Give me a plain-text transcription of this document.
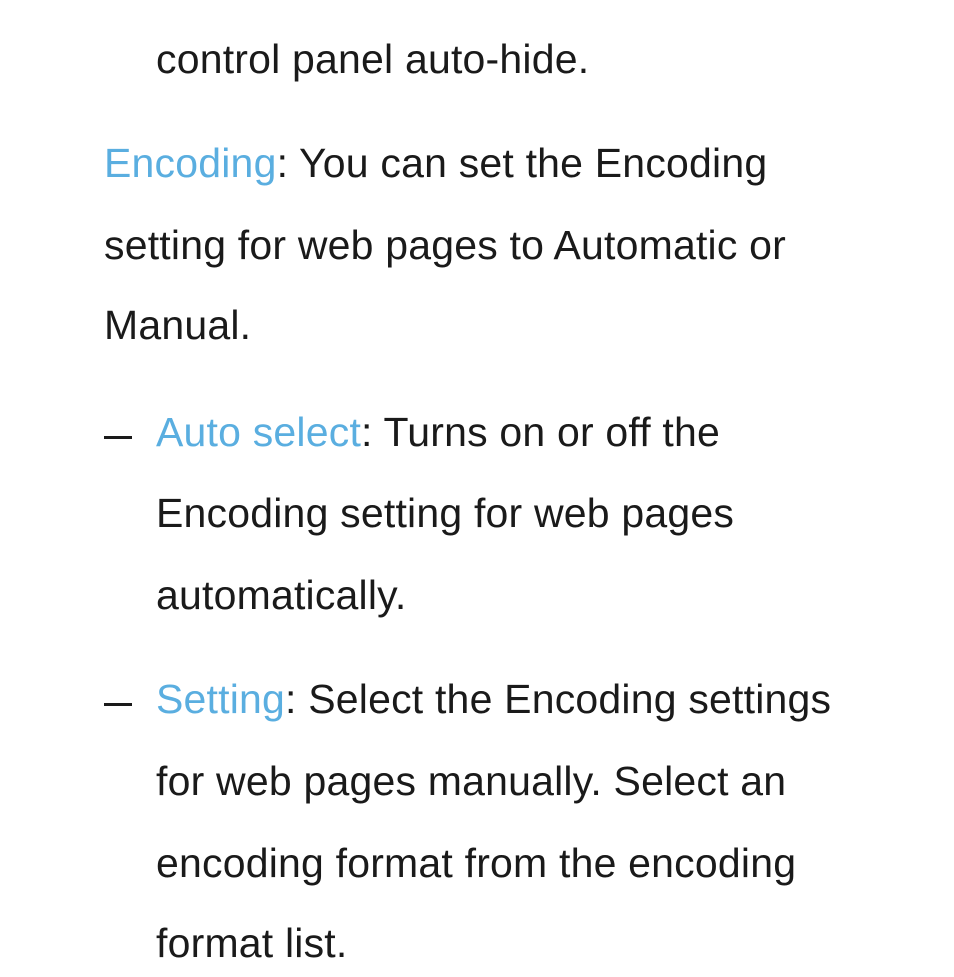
control panel auto-hide.
Encoding: You can set the Encoding
setting for web pages to Automatic or
Manual.
Auto select: Turns on or off the
Encoding setting for web pages
automatically.
Setting: Select the Encoding settings
for web pages manually. Select an
encoding format from the encoding
format list.
